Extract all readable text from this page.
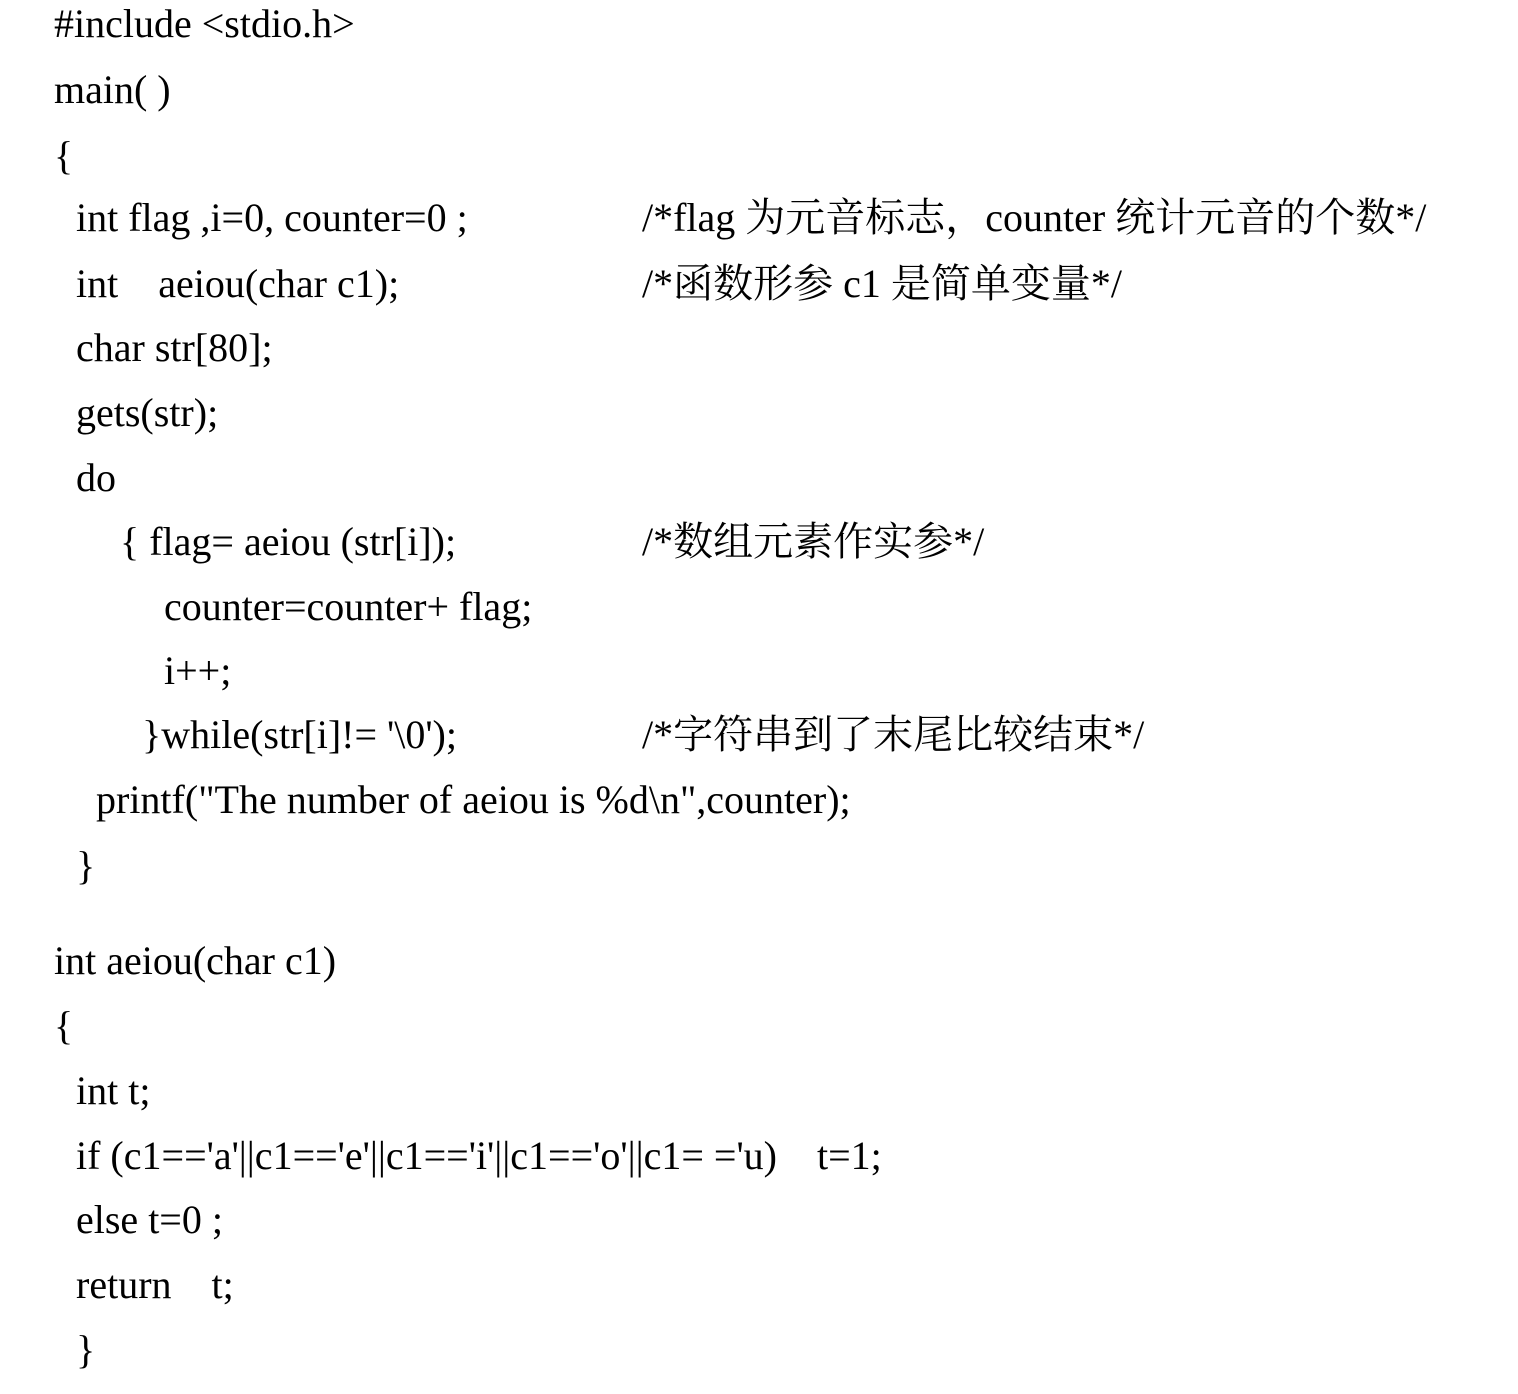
#include <stdio.h>
main( )
{
int flag ,i=0, counter=0 ;	/*flag 为元音标志，counter 统计元音的个数*/
int    aeiou(char c1);	/*函数形参 c1 是简单变量*/
char str[80];
gets(str);
do
{ flag= aeiou (str[i]);	/*数组元素作实参*/
counter=counter+ flag;
i++;
}while(str[i]!= '\0');	/*字符串到了末尾比较结束*/
printf("The number of aeiou is %d\n",counter);
}
int aeiou(char c1)
{
int t;
if (c1=='a'||c1=='e'||c1=='i'||c1=='o'||c1= ='u)    t=1;
else t=0 ;
return    t;
}
